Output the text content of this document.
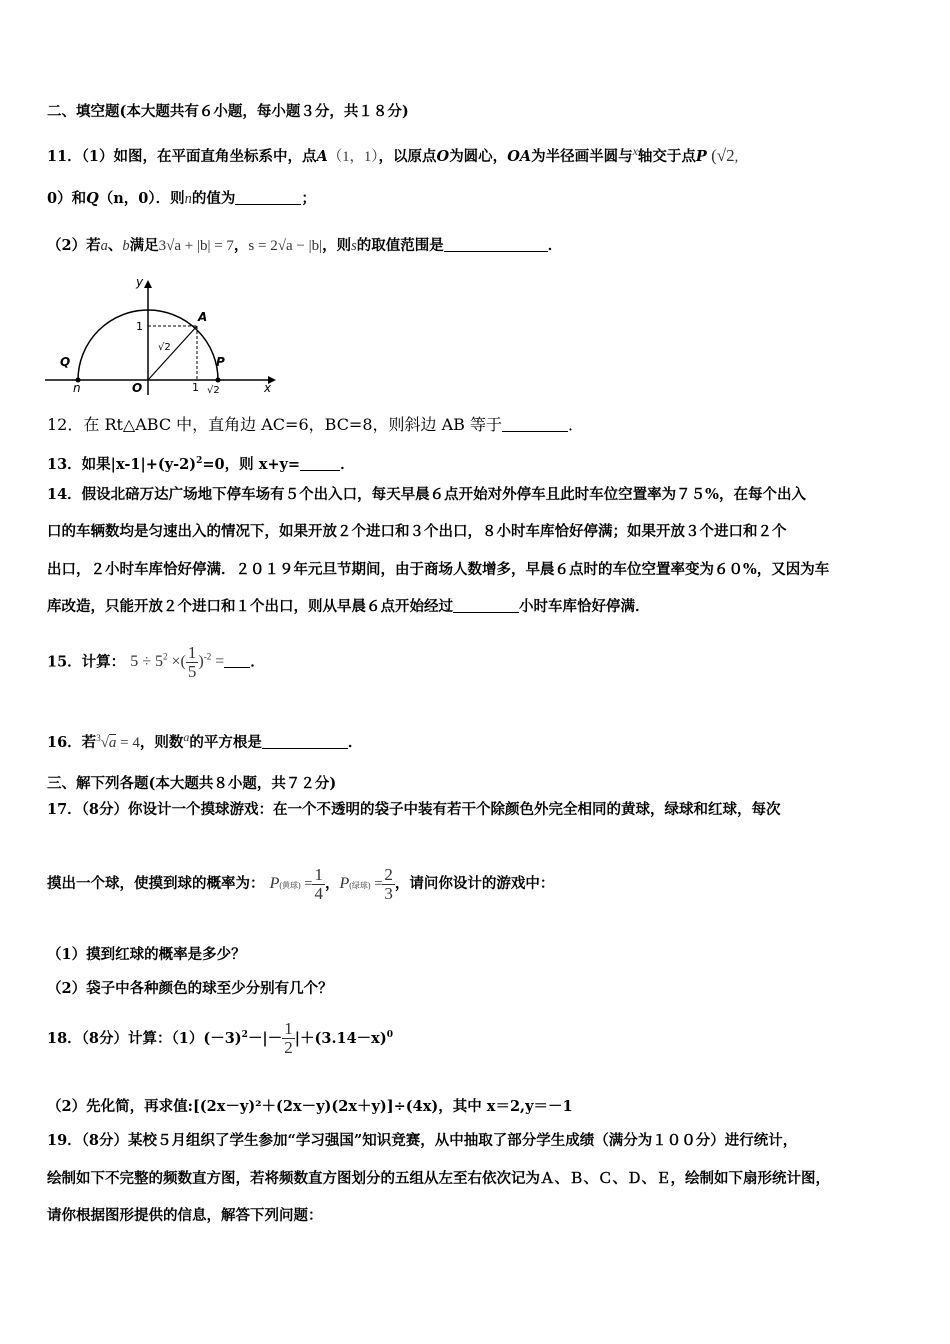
二、填空题(本大题共有６小题，每小题３分，共１８分)
11．（1）如图，在平面直角坐标系中，点A（1，1），以原点O为圆心，OA为半径画半圆与$^x$轴交于点P (√2,
0）和Q（n，0）．则n的值为	；
（2）若a、b满足3√a + |b| = 7，s = 2√a − |b|，则s的取值范围是	．
y
x
A
Q	P
O
n
1
1 √2
√2
12．在 Rt△ABC 中，直角边 AC=6，BC=8，则斜边 AB 等于	．
13．如果$|x-1|+(y-2)^2=0$，则 x+y=	．
14．假设北碚万达广场地下停车场有５个出入口，每天早晨６点开始对外停车且此时车位空置率为７５%，在每个出入
口的车辆数均是匀速出入的情况下，如果开放２个进口和３个出口，８小时车库恰好停满；如果开放３个进口和２个
出口，２小时车库恰好停满．２０１９年元旦节期间，由于商场人数增多，早晨６点时的车位空置率变为６０%，又因为车
库改造，只能开放２个进口和１个出口，则从早晨６点开始经过	小时车库恰好停满．
15．计算： $5 \div 5^2$ ×( $\frac{1}{5} )^{-2}$ = ．
16．若$^3$√a = 4，则数$^a$的平方根是	．
三、解下列各题(本大题共８小题，共７２分)
17．（8分）你设计一个摸球游戏：在一个不透明的袋子中装有若干个除颜色外完全相同的黄球，绿球和红球，每次
摸出一个球，使摸到球的概率为： P(黄球) = $\frac{1}{4}$ ，P(绿球) = $\frac{2}{3}$ ，请问你设计的游戏中：
（1）摸到红球的概率是多少？
（2）袋子中各种颜色的球至少分别有几个？
18．（8分）计算：$(1)(-3)^2-|- \frac{1}{2} |+(3.14-x)^0$
（2）先化简，再求值:[(2x－y)²＋(2x－y)(2x＋y)]÷(4x)，其中 x＝2,y＝－1
19．（8分）某校５月组织了学生参加“学习强国”知识竞赛，从中抽取了部分学生成绩（满分为１００分）进行统计，
绘制如下不完整的频数直方图，若将频数直方图划分的五组从左至右依次记为Ａ、Ｂ、Ｃ、Ｄ、Ｅ，绘制如下扇形统计图，
请你根据图形提供的信息，解答下列问题：
